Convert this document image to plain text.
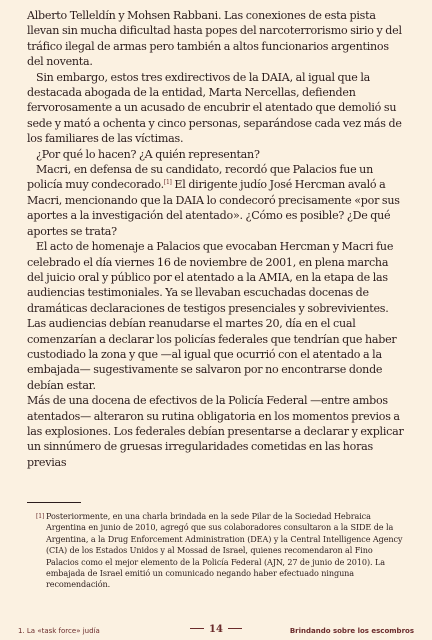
Alberto Telleldín y Mohsen Rabbani. Las conexiones de esta pista llevan sin mucha dificultad hasta popes del narcoterrorismo sirio y del tráfico ilegal de armas pero también a altos funcionarios argentinos del noventa.

Sin embargo, estos tres exdirectivos de la DAIA, al igual que la destacada abogada de la entidad, Marta Nercellas, defienden fervorosamente a un acusado de encubrir el atentado que demolió su sede y mató a ochenta y cinco personas, separándose cada vez más de los familiares de las víctimas.

¿Por qué lo hacen? ¿A quién representan?

Macri, en defensa de su candidato, recordó que Palacios fue un policía muy condecorado.[1] El dirigente judío José Hercman avaló a Macri, mencionando que la DAIA lo condecoró precisamente «por sus aportes a la investigación del atentado». ¿Cómo es posible? ¿De qué aportes se trata?

El acto de homenaje a Palacios que evocaban Hercman y Macri fue celebrado el día viernes 16 de noviembre de 2001, en plena marcha del juicio oral y público por el atentado a la AMIA, en la etapa de las audiencias testimoniales. Ya se llevaban escuchadas docenas de dramáticas declaraciones de testigos presenciales y sobrevivientes. Las audiencias debían reanudarse el martes 20, día en el cual comenzarían a declarar los policías federales que tendrían que haber custodiado la zona y que —al igual que ocurrió con el atentado a la embajada— sugestivamente se salvaron por no encontrarse donde debían estar.

Más de una docena de efectivos de la Policía Federal —entre ambos atentados— alteraron su rutina obligatoria en los momentos previos a las explosiones. Los federales debían presentarse a declarar y explicar un sinnúmero de gruesas irregularidades cometidas en las horas previas

[1] Posteriormente, en una charla brindada en la sede Pilar de la Sociedad Hebraica Argentina en junio de 2010, agregó que sus colaboradores consultaron a la SIDE de la Argentina, a la Drug Enforcement Administration (DEA) y la Central Intelligence Agency (CIA) de los Estados Unidos y al Mossad de Israel, quienes recomendaron al Fino Palacios como el mejor elemento de la Policía Federal (AJN, 27 de junio de 2010). La embajada de Israel emitió un comunicado negando haber efectuado ninguna recomendación.
1. La «task force» judía	14	Brindando sobre los escombros
